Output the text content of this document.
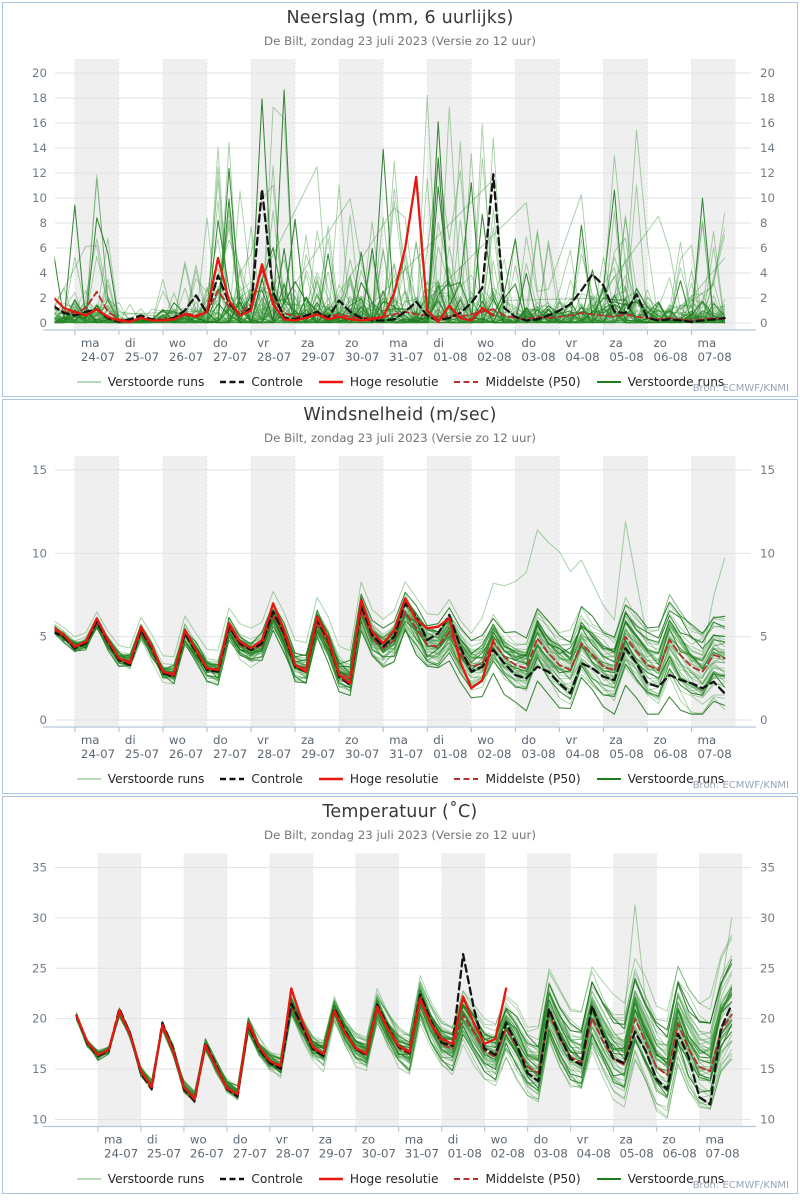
0	0
2	2
4	4
6	6
8	8
10	10
12	12
14	14
16	16
18	18
20	20
ma
24-07
di
25-07
wo
26-07
do
27-07
vr
28-07
za
29-07
zo
30-07
ma
31-07
di
01-08
wo
02-08
do
03-08
vr
04-08
za
05-08
zo
06-08
ma
07-08
Neerslag (mm, 6 uurlijks)
De Bilt, zondag 23 juli 2023 (Versie zo 12 uur)
Verstoorde runs	Controle	Hoge resolutie	Middelste (P50)	Verstoorde runs
Bron: ECMWF/KNMI
0	0
5	5
10	10
15	15
ma
24-07
di
25-07
wo
26-07
do
27-07
vr
28-07
za
29-07
zo
30-07
ma
31-07
di
01-08
wo
02-08
do
03-08
vr
04-08
za
05-08
zo
06-08
ma
07-08
Windsnelheid (m/sec)
De Bilt, zondag 23 juli 2023 (Versie zo 12 uur)
Verstoorde runs	Controle	Hoge resolutie	Middelste (P50)	Verstoorde runs
Bron: ECMWF/KNMI
10	10
15	15
20	20
25	25
30	30
35	35
ma
24-07
di
25-07
wo
26-07
do
27-07
vr
28-07
za
29-07
zo
30-07
ma
31-07
di
01-08
wo
02-08
do
03-08
vr
04-08
za
05-08
zo
06-08
ma
07-08
Temperatuur (˚C)
De Bilt, zondag 23 juli 2023 (Versie zo 12 uur)
Verstoorde runs	Controle	Hoge resolutie	Middelste (P50)	Verstoorde runs
Bron: ECMWF/KNMI
